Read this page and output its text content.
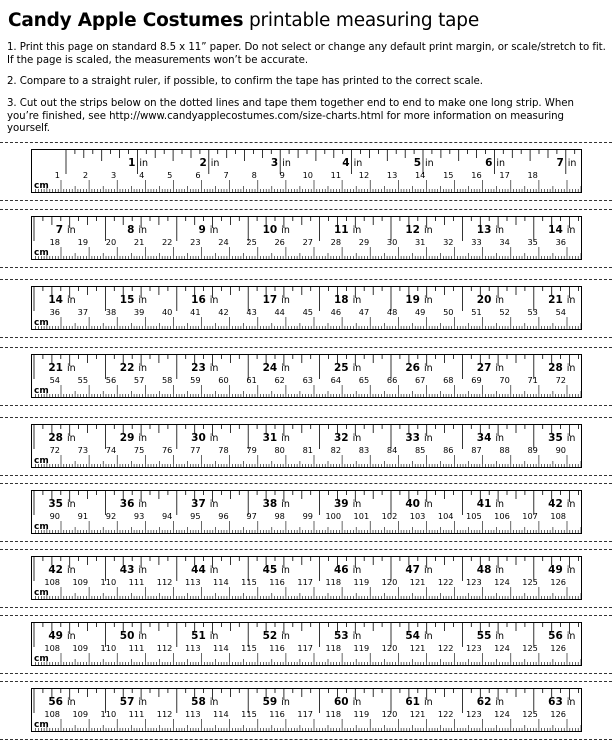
Candy Apple Costumes printable measuring tape
1. Print this page on standard 8.5 x 11” paper. Do not select or change any default print margin, or scale/stretch to fit. If the page is scaled, the measurements won’t be accurate.
2. Compare to a straight ruler, if possible, to confirm the tape has printed to the correct scale.
3. Cut out the strips below on the dotted lines and tape them together end to end to make one long strip. When you’re finished, see http://www.candyapplecostumes.com/size-charts.html for more information on measuring yourself.
1 in	2 in	3 in	4 in	5 in	6 in	7 in
1	2	3	4	5	6	7	8	9 10 11 12 13 14 15 16 17 18
cm
7 in	8 in	9 in	10 in	11 in	12 in	13 in	14 in
18 19 20 21 22 23 24 25 26 27 28 29 30 31 32 33 34 35 36
cm
14 in	15 in	16 in	17 in	18 in	19 in	20 in	21 in
36 37 38 39 40 41 42 43 44 45 46 47 48 49 50 51 52 53 54
cm
21 in	22 in	23 in	24 in	25 in	26 in	27 in	28 in
54 55 56 57 58 59 60 61 62 63 64 65 66 67 68 69 70 71 72
cm
28 in	29 in	30 in	31 in	32 in	33 in	34 in	35 in
72 73 74 75 76 77 78 79 80 81 82 83 84 85 86 87 88 89 90
cm
35 in	36 in	37 in	38 in	39 in	40 in	41 in	42 in
90 91 92 93 94 95 96 97 98 99 100 101 102 103 104 105 106 107 108
cm
42 in	43 in	44 in	45 in	46 in	47 in	48 in	49 in
108 109 110 111 112 113 114 115 116 117 118 119 120 121 122 123 124 125 126
cm
49 in	50 in	51 in	52 in	53 in	54 in	55 in	56 in
108 109 110 111 112 113 114 115 116 117 118 119 120 121 122 123 124 125 126
cm
56 in	57 in	58 in	59 in	60 in	61 in	62 in	63 in
108 109 110 111 112 113 114 115 116 117 118 119 120 121 122 123 124 125 126
cm
